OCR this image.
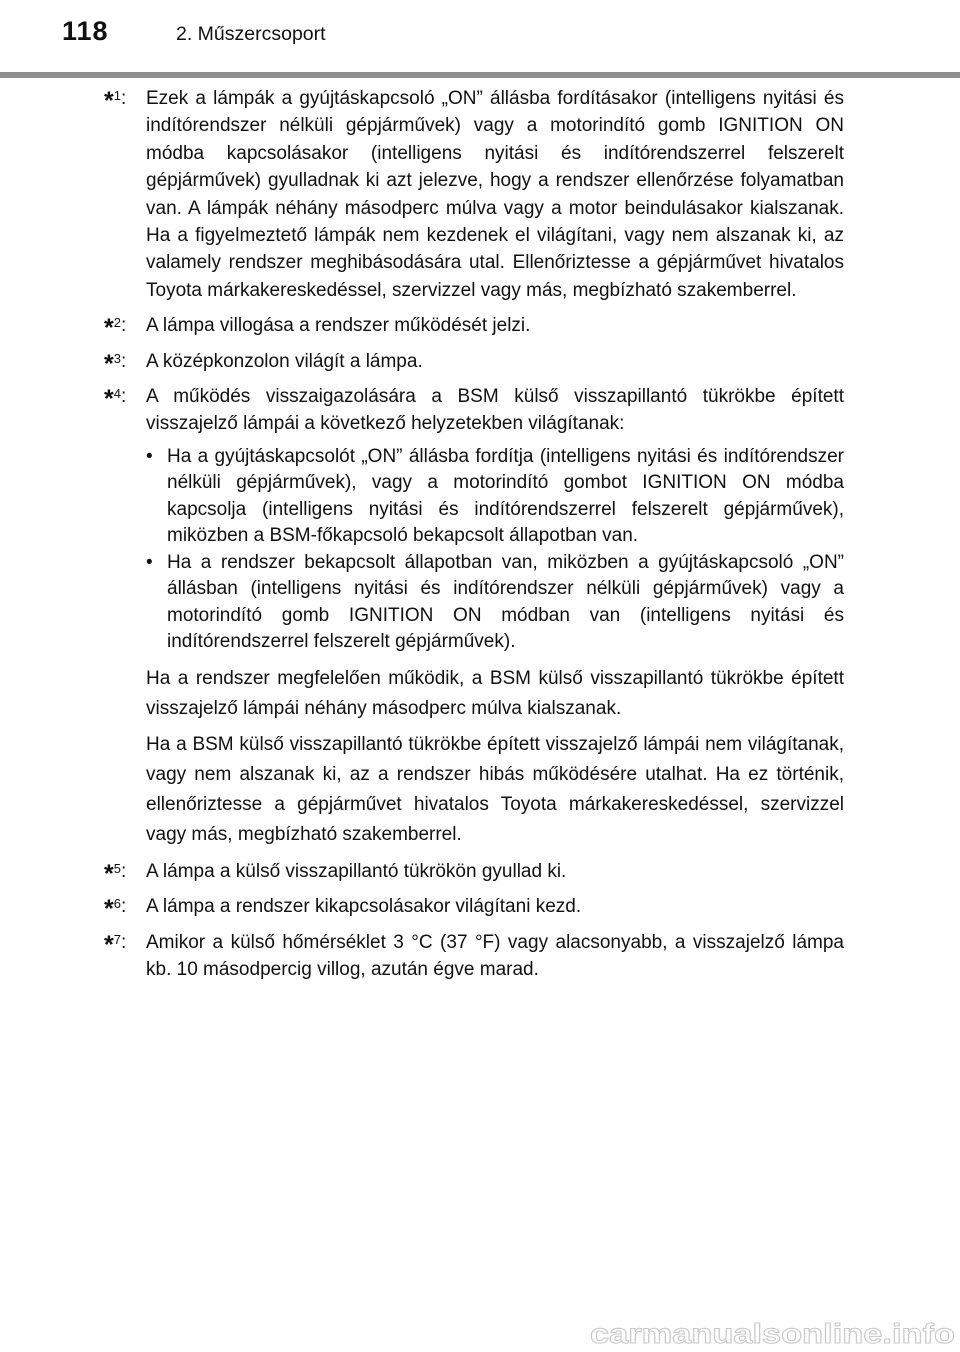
118	2. Műszercsoport
*$^1$:	Ezek a lámpák a gyújtáskapcsoló „ON” állásba fordításakor (intelligens nyitási és indítórendszer nélküli gépjárművek) vagy a motorindító gomb IGNITION ON módba kapcsolásakor (intelligens nyitási és indítórendszerrel felszerelt gépjárművek) gyulladnak ki azt jelezve, hogy a rendszer ellenőrzése folyamatban van. A lámpák néhány másodperc múlva vagy a motor beindulásakor kialszanak. Ha a figyelmeztető lámpák nem kezdenek el világítani, vagy nem alszanak ki, az valamely rendszer meghibásodására utal. Ellenőriztesse a gépjárművet hivatalos Toyota márkakereskedéssel, szervizzel vagy más, megbízható szakemberrel.
*$^2$:	A lámpa villogása a rendszer működését jelzi.
*$^3$:	A középkonzolon világít a lámpa.
*$^4$:	A működés visszaigazolására a BSM külső visszapillantó tükrökbe épített visszajelző lámpái a következő helyzetekben világítanak:
• Ha a gyújtáskapcsolót „ON” állásba fordítja (intelligens nyitási és indítórendszer nélküli gépjárművek), vagy a motorindító gombot IGNITION ON módba kapcsolja (intelligens nyitási és indítórendszerrel felszerelt gépjárművek), miközben a BSM-főkapcsoló bekapcsolt állapotban van.
• Ha a rendszer bekapcsolt állapotban van, miközben a gyújtáskapcsoló „ON” állásban (intelligens nyitási és indítórendszer nélküli gépjárművek) vagy a motorindító gomb IGNITION ON módban van (intelligens nyitási és indítórendszerrel felszerelt gépjárművek).
Ha a rendszer megfelelően működik, a BSM külső visszapillantó tükrökbe épített visszajelző lámpái néhány másodperc múlva kialszanak.
Ha a BSM külső visszapillantó tükrökbe épített visszajelző lámpái nem világítanak, vagy nem alszanak ki, az a rendszer hibás működésére utalhat. Ha ez történik, ellenőriztesse a gépjárművet hivatalos Toyota márkakereskedéssel, szervizzel vagy más, megbízható szakemberrel.
*$^5$:	A lámpa a külső visszapillantó tükrökön gyullad ki.
*$^6$:	A lámpa a rendszer kikapcsolásakor világítani kezd.
*$^7$:	Amikor a külső hőmérséklet 3 °C (37 °F) vagy alacsonyabb, a visszajelző lámpa kb. 10 másodpercig villog, azután égve marad.
carmanualsonline.info
